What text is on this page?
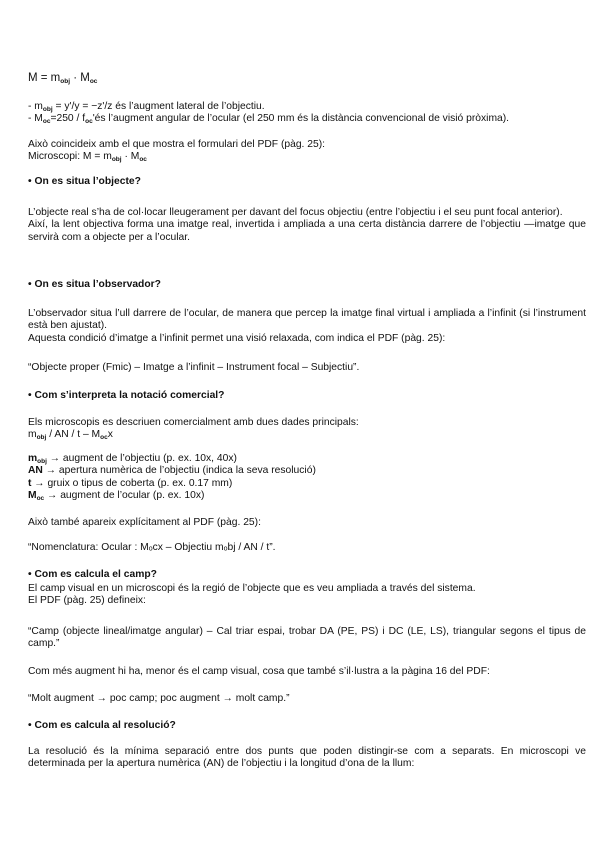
$M = m_{obj} \cdot M_{oc}$

- $m_{obj} = y'/y = -z'/z$ és l’augment lateral de l’objectiu.

- $M_{oc}=250$ / $f_{oc}'és$ l’augment angular de l’ocular (el 250 mm és la distància convencional de visió pròxima).

Això coincideix amb el que mostra el formulari del PDF (pàg. 25):

Microscopi: $M = m_{obj} \cdot M_{oc}$

• On es situa l’objecte?

L’objecte real s’ha de col·locar lleugerament per davant del focus objectiu (entre l’objectiu i el seu punt focal anterior).

Així, la lent objectiva forma una imatge real, invertida i ampliada a una certa distància darrere de l’objectiu —imatge que servirà com a objecte per a l’ocular.

• On es situa l’observador?

L’observador situa l’ull darrere de l’ocular, de manera que percep la imatge final virtual i ampliada a l’infinit (si l’instrument està ben ajustat).

Aquesta condició d’imatge a l’infinit permet una visió relaxada, com indica el PDF (pàg. 25):

“Objecte proper (Fmic) – Imatge a l’infinit – Instrument focal – Subjectiu”.
• Com s’interpreta la notació comercial?

Els microscopis es descriuen comercialment amb dues dades principals:

$m_{obj}$ / AN / t – $M_{oc}x$

$m_{obj}$ → augment de l’objectiu (p. ex. 10x, 40x)

AN → apertura numèrica de l’objectiu (indica la seva resolució)

t → gruix o tipus de coberta (p. ex. 0.17 mm)

$M_{oc}$ → augment de l’ocular (p. ex. 10x)

Això també apareix explícitament al PDF (pàg. 25):
“Nomenclatura: Ocular : Mₒcx – Objectiu mₒbj / AN / t”.
• Com es calcula el camp?

El camp visual en un microscopi és la regió de l’objecte que es veu ampliada a través del sistema.

El PDF (pàg. 25) defineix:

“Camp (objecte lineal/imatge angular) – Cal triar espai, trobar DA (PE, PS) i DC (LE, LS), triangular segons el tipus de camp.”
Com més augment hi ha, menor és el camp visual, cosa que també s’il·lustra a la pàgina 16 del PDF:
“Molt augment → poc camp; poc augment → molt camp.”
• Com es calcula al resolució?
La resolució és la mínima separació entre dos punts que poden distingir-se com a separats. En microscopi ve determinada per la apertura numèrica (AN) de l’objectiu i la longitud d’ona de la llum:
